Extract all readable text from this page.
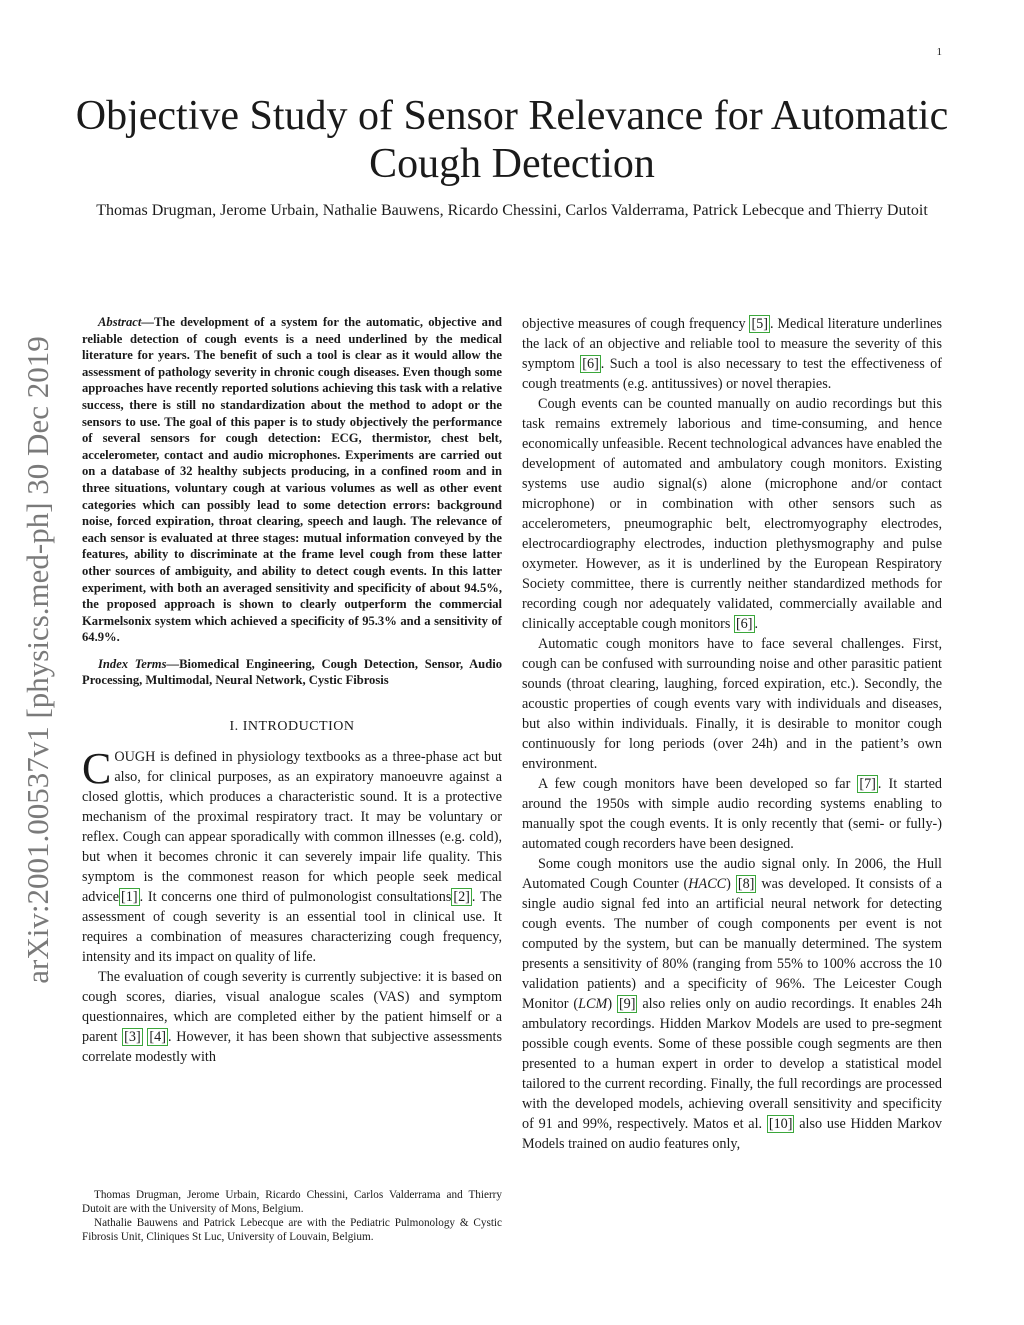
1
Objective Study of Sensor Relevance for Automatic Cough Detection
Thomas Drugman, Jerome Urbain, Nathalie Bauwens, Ricardo Chessini, Carlos Valderrama, Patrick Lebecque and Thierry Dutoit
arXiv:2001.00537v1 [physics.med-ph] 30 Dec 2019

Abstract—The development of a system for the automatic, objective and reliable detection of cough events is a need underlined by the medical literature for years. The benefit of such a tool is clear as it would allow the assessment of pathology severity in chronic cough diseases. Even though some approaches have recently reported solutions achieving this task with a relative success, there is still no standardization about the method to adopt or the sensors to use. The goal of this paper is to study objectively the performance of several sensors for cough detection: ECG, thermistor, chest belt, accelerometer, contact and audio microphones. Experiments are carried out on a database of 32 healthy subjects producing, in a confined room and in three situations, voluntary cough at various volumes as well as other event categories which can possibly lead to some detection errors: background noise, forced expiration, throat clearing, speech and laugh. The relevance of each sensor is evaluated at three stages: mutual information conveyed by the features, ability to discriminate at the frame level cough from these latter other sources of ambiguity, and ability to detect cough events. In this latter experiment, with both an averaged sensitivity and specificity of about 94.5%, the proposed approach is shown to clearly outperform the commercial Karmelsonix system which achieved a specificity of 95.3% and a sensitivity of 64.9%.

Index Terms—Biomedical Engineering, Cough Detection, Sensor, Audio Processing, Multimodal, Neural Network, Cystic Fibrosis

I. INTRODUCTION

COUGH is defined in physiology textbooks as a three-phase act but also, for clinical purposes, as an expiratory manoeuvre against a closed glottis, which produces a characteristic sound. It is a protective mechanism of the proximal respiratory tract. It may be voluntary or reflex. Cough can appear sporadically with common illnesses (e.g. cold), but when it becomes chronic it can severely impair life quality. This symptom is the commonest reason for which people seek medical advice [1] . It concerns one third of pulmonologist consultations [2] . The assessment of cough severity is an essential tool in clinical use. It requires a combination of measures characterizing cough frequency, intensity and its impact on quality of life.

The evaluation of cough severity is currently subjective: it is based on cough scores, diaries, visual analogue scales (VAS) and symptom questionnaires, which are completed either by the patient himself or a parent [3] [4] . However, it has been shown that subjective assessments correlate modestly with

Thomas Drugman, Jerome Urbain, Ricardo Chessini, Carlos Valderrama and Thierry Dutoit are with the University of Mons, Belgium.

Nathalie Bauwens and Patrick Lebecque are with the Pediatric Pulmonology & Cystic Fibrosis Unit, Cliniques St Luc, University of Louvain, Belgium.

objective measures of cough frequency [5] . Medical literature underlines the lack of an objective and reliable tool to measure the severity of this symptom [6] . Such a tool is also necessary to test the effectiveness of cough treatments (e.g. antitussives) or novel therapies.

Cough events can be counted manually on audio recordings but this task remains extremely laborious and time-consuming, and hence economically unfeasible. Recent technological advances have enabled the development of automated and ambulatory cough monitors. Existing systems use audio signal(s) alone (microphone and/or contact microphone) or in combination with other sensors such as accelerometers, pneumographic belt, electromyography electrodes, electrocardiography electrodes, induction plethysmography and pulse oxymeter. However, as it is underlined by the European Respiratory Society committee, there is currently neither standardized methods for recording cough nor adequately validated, commercially available and clinically acceptable cough monitors [6] .

Automatic cough monitors have to face several challenges. First, cough can be confused with surrounding noise and other parasitic patient sounds (throat clearing, laughing, forced expiration, etc.). Secondly, the acoustic properties of cough events vary with individuals and diseases, but also within individuals. Finally, it is desirable to monitor cough continuously for long periods (over 24h) and in the patient’s own environment.

A few cough monitors have been developed so far [7] . It started around the 1950s with simple audio recording systems enabling to manually spot the cough events. It is only recently that (semi- or fully-) automated cough recorders have been designed.

Some cough monitors use the audio signal only. In 2006, the Hull Automated Cough Counter (HACC) [8] was developed. It consists of a single audio signal fed into an artificial neural network for detecting cough events. The number of cough components per event is not computed by the system, but can be manually determined. The system presents a sensitivity of 80% (ranging from 55% to 100% accross the 10 validation patients) and a specificity of 96%. The Leicester Cough Monitor (LCM) [9] also relies only on audio recordings. It enables 24h ambulatory recordings. Hidden Markov Models are used to pre-segment possible cough events. Some of these possible cough segments are then presented to a human expert in order to develop a statistical model tailored to the current recording. Finally, the full recordings are processed with the developed models, achieving overall sensitivity and specificity of 91 and 99%, respectively. Matos et al. [10] also use Hidden Markov Models trained on audio features only,
